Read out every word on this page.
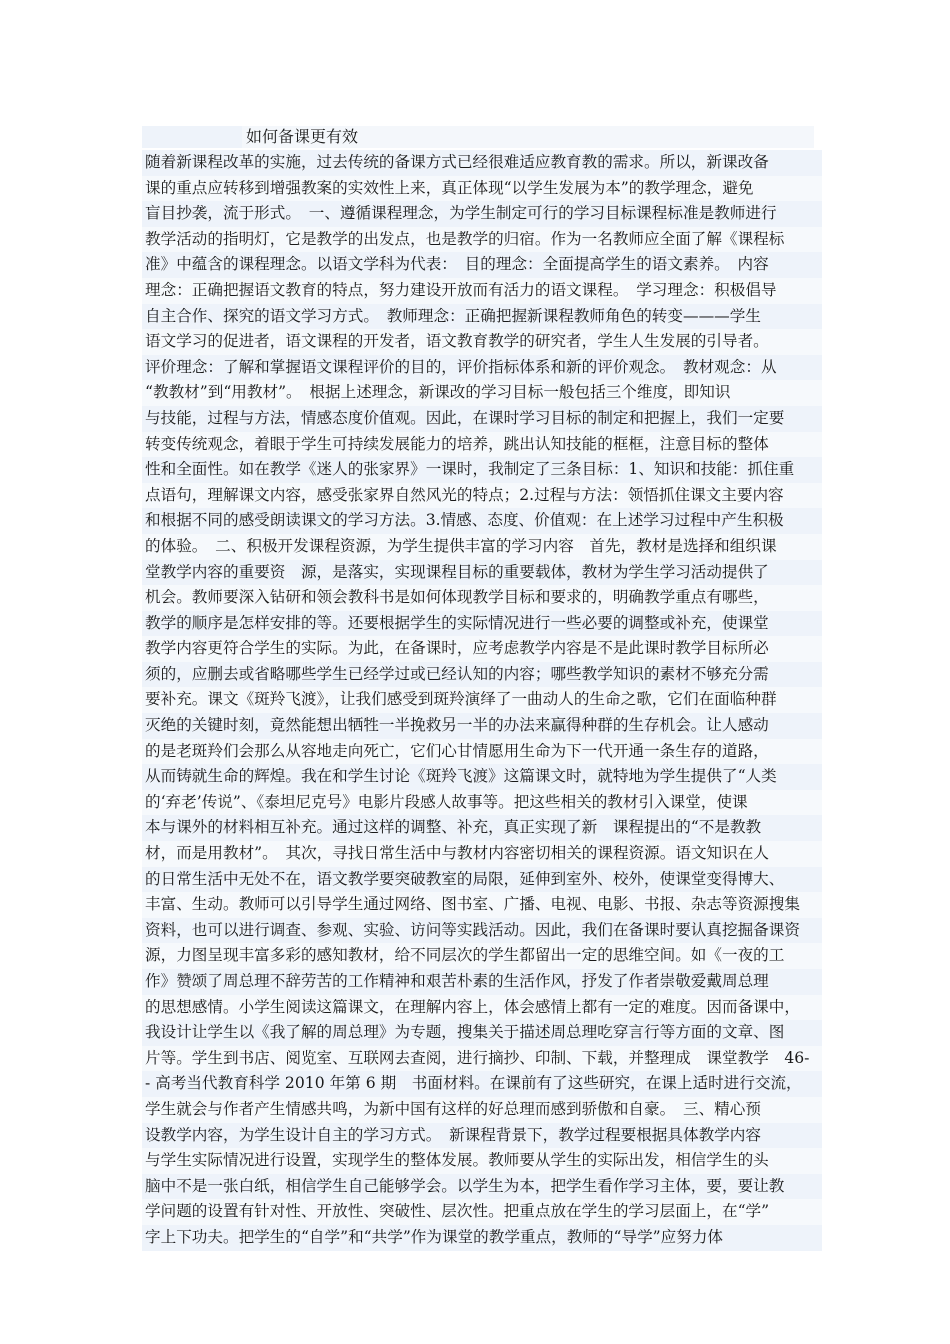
如何备课更有效
随着新课程改革的实施，过去传统的备课方式已经很难适应教育教的需求。所以，新课改备
课的重点应转移到增强教案的实效性上来，真正体现“以学生发展为本”的教学理念，避免
盲目抄袭，流于形式。　一、遵循课程理念，为学生制定可行的学习目标课程标准是教师进行
教学活动的指明灯，它是教学的出发点，也是教学的归宿。作为一名教师应全面了解《课程标
准》中蕴含的课程理念。以语文学科为代表：　目的理念：全面提高学生的语文素养。　内容
理念：正确把握语文教育的特点，努力建设开放而有活力的语文课程。　学习理念：积极倡导
自主合作、探究的语文学习方式。　教师理念：正确把握新课程教师角色的转变———学生
语文学习的促进者，语文课程的开发者，语文教育教学的研究者，学生人生发展的引导者。
评价理念：了解和掌握语文课程评价的目的，评价指标体系和新的评价观念。　教材观念：从
“教教材”到“用教材”。　根据上述理念，新课改的学习目标一般包括三个维度，即知识
与技能，过程与方法，情感态度价值观。因此，在课时学习目标的制定和把握上，我们一定要
转变传统观念，着眼于学生可持续发展能力的培养，跳出认知技能的框框，注意目标的整体
性和全面性。如在教学《迷人的张家界》一课时，我制定了三条目标：1、知识和技能：抓住重
点语句，理解课文内容，感受张家界自然风光的特点；2.过程与方法：领悟抓住课文主要内容
和根据不同的感受朗读课文的学习方法。3.情感、态度、价值观：在上述学习过程中产生积极
的体验。　二、积极开发课程资源，为学生提供丰富的学习内容　首先，教材是选择和组织课
堂教学内容的重要资　源，是落实，实现课程目标的重要载体，教材为学生学习活动提供了
机会。教师要深入钻研和领会教科书是如何体现教学目标和要求的，明确教学重点有哪些，
教学的顺序是怎样安排的等。还要根据学生的实际情况进行一些必要的调整或补充，使课堂
教学内容更符合学生的实际。为此，在备课时，应考虑教学内容是不是此课时教学目标所必
须的，应删去或省略哪些学生已经学过或已经认知的内容；哪些教学知识的素材不够充分需
要补充。课文《斑羚飞渡》，让我们感受到斑羚演绎了一曲动人的生命之歌，它们在面临种群
灭绝的关键时刻，竟然能想出牺牲一半挽救另一半的办法来赢得种群的生存机会。让人感动
的是老斑羚们会那么从容地走向死亡，它们心甘情愿用生命为下一代开通一条生存的道路，
从而铸就生命的辉煌。我在和学生讨论《斑羚飞渡》这篇课文时，就特地为学生提供了“人类
的‘弃老’传说”、《泰坦尼克号》电影片段感人故事等。把这些相关的教材引入课堂，使课
本与课外的材料相互补充。通过这样的调整、补充，真正实现了新　课程提出的“不是教教
材，而是用教材”。　其次，寻找日常生活中与教材内容密切相关的课程资源。语文知识在人
的日常生活中无处不在，语文教学要突破教室的局限，延伸到室外、校外，使课堂变得博大、
丰富、生动。教师可以引导学生通过网络、图书室、广播、电视、电影、书报、杂志等资源搜集
资料，也可以进行调查、参观、实验、访问等实践活动。因此，我们在备课时要认真挖掘备课资
源，力图呈现丰富多彩的感知教材，给不同层次的学生都留出一定的思维空间。如《一夜的工
作》赞颂了周总理不辞劳苦的工作精神和艰苦朴素的生活作风，抒发了作者崇敬爱戴周总理
的思想感情。小学生阅读这篇课文，在理解内容上，体会感情上都有一定的难度。因而备课中，
我设计让学生以《我了解的周总理》为专题，搜集关于描述周总理吃穿言行等方面的文章、图
片等。学生到书店、阅览室、互联网去查阅，进行摘抄、印制、下载，并整理成　课堂教学　46-
- 高考当代教育科学 2010 年第 6 期　书面材料。在课前有了这些研究，在课上适时进行交流，
学生就会与作者产生情感共鸣，为新中国有这样的好总理而感到骄傲和自豪。　三、精心预
设教学内容，为学生设计自主的学习方式。　新课程背景下，教学过程要根据具体教学内容
与学生实际情况进行设置，实现学生的整体发展。教师要从学生的实际出发，相信学生的头
脑中不是一张白纸，相信学生自己能够学会。以学生为本，把学生看作学习主体，要，要让教
学问题的设置有针对性、开放性、突破性、层次性。把重点放在学生的学习层面上，在“学”
字上下功夫。把学生的“自学”和“共学”作为课堂的教学重点，教师的“导学”应努力体
